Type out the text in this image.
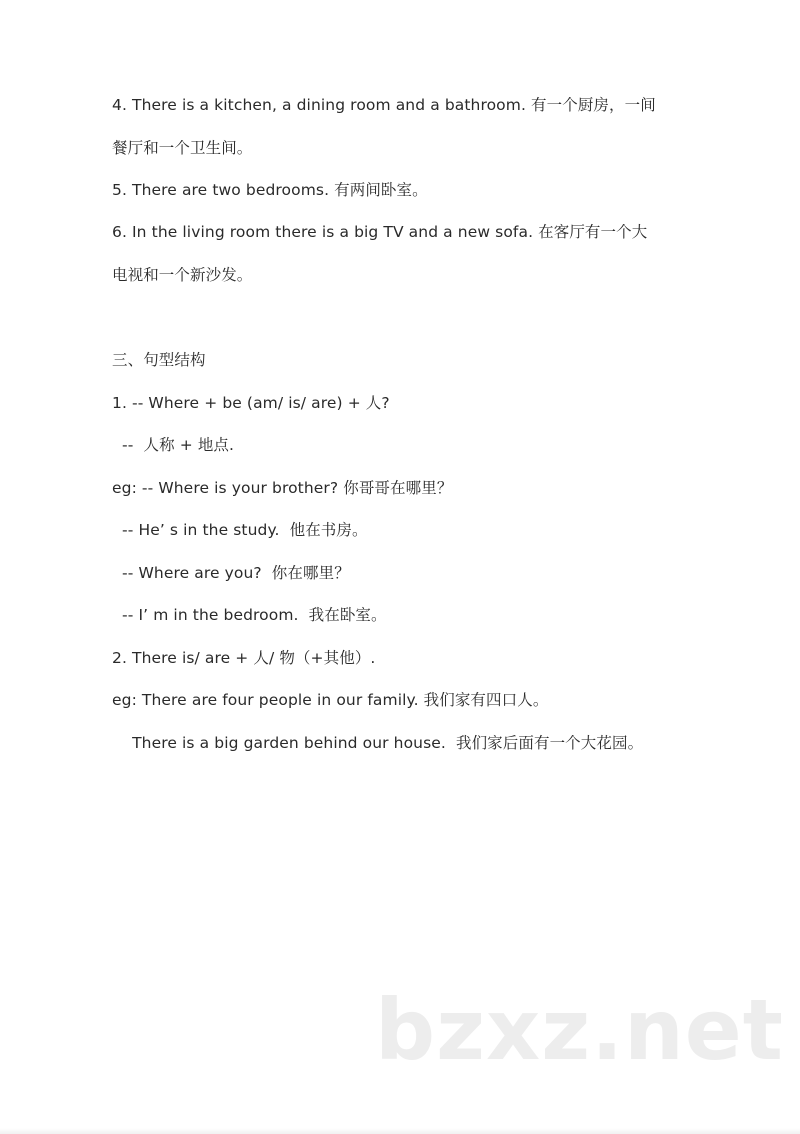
4. There is a kitchen, a dining room and a bathroom. 有一个厨房，一间
餐厅和一个卫生间。
5. There are two bedrooms. 有两间卧室。
6. In the living room there is a big TV and a new sofa. 在客厅有一个大
电视和一个新沙发。
三、句型结构
1. -- Where + be (am/ is/ are) + 人?
--  人称 + 地点.
eg: -- Where is your brother? 你哥哥在哪里？
-- He’ s in the study.  他在书房。
-- Where are you?  你在哪里？
-- I’ m in the bedroom.  我在卧室。
2. There is/ are + 人/ 物（+其他）.
eg: There are four people in our family. 我们家有四口人。
There is a big garden behind our house.  我们家后面有一个大花园。
bzxz.net
